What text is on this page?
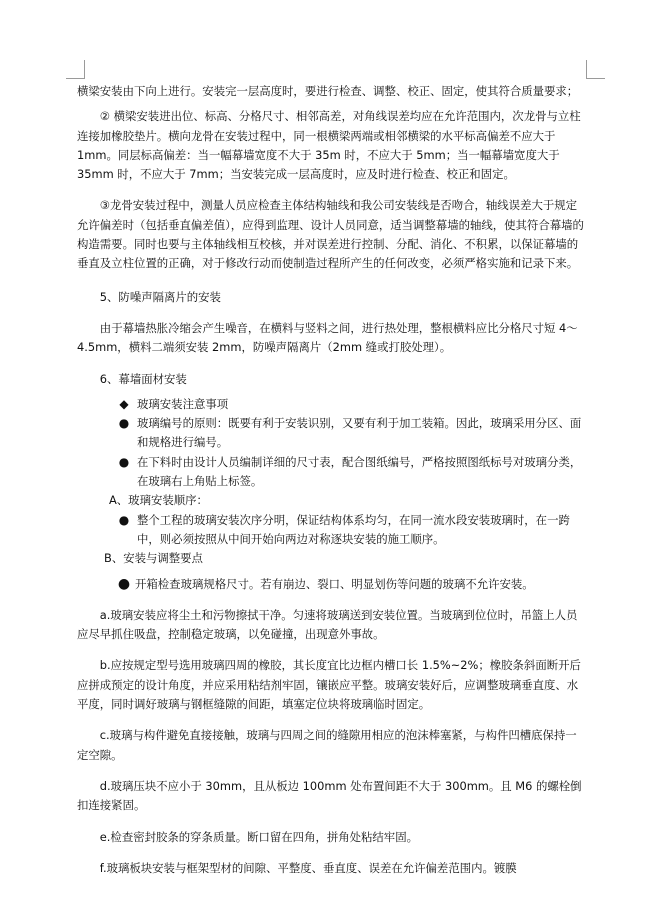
横梁安装由下向上进行。安装完一层高度时，要进行检查、调整、校正、固定，使其符合质量要求；

② 横梁安装进出位、标高、分格尺寸、相邻高差，对角线误差均应在允许范围内，次龙骨与立柱连接加橡胶垫片。横向龙骨在安装过程中，同一根横梁两端或相邻横梁的水平标高偏差不应大于 1mm。同层标高偏差：当一幅幕墙宽度不大于 35m 时，不应大于 5mm；当一幅幕墙宽度大于 35mm 时，不应大于 7mm；当安装完成一层高度时，应及时进行检查、校正和固定。

③龙骨安装过程中，测量人员应检查主体结构轴线和我公司安装线是否吻合，轴线误差大于规定允许偏差时（包括垂直偏差值），应得到监理、设计人员同意，适当调整幕墙的轴线，使其符合幕墙的构造需要。同时也要与主体轴线相互校核，并对误差进行控制、分配、消化、不积累，以保证幕墙的垂直及立柱位置的正确，对于修改行动而使制造过程所产生的任何改变，必须严格实施和记录下来。

5、防噪声隔离片的安装

由于幕墙热胀冷缩会产生噪音，在横料与竖料之间，进行热处理，整根横料应比分格尺寸短 4～4.5mm，横料二端须安装 2mm，防噪声隔离片（2mm 缝或打胶处理）。

6、幕墙面材安装

◆ 玻璃安装注意事项
● 玻璃编号的原则：既要有利于安装识别，又要有利于加工装箱。因此，玻璃采用分区、面和规格进行编号。
● 在下料时由设计人员编制详细的尺寸表，配合图纸编号，严格按照图纸标号对玻璃分类，在玻璃右上角贴上标签。

A、玻璃安装顺序：

● 整个工程的玻璃安装次序分明，保证结构体系均匀，在同一流水段安装玻璃时，在一跨中，则必须按照从中间开始向两边对称逐块安装的施工顺序。

B、安装与调整要点

● 开箱检查玻璃规格尺寸。若有崩边、裂口、明显划伤等问题的玻璃不允许安装。

a.玻璃安装应将尘土和污物擦拭干净。匀速将玻璃送到安装位置。当玻璃到位位时，吊篮上人员应尽早抓住吸盘，控制稳定玻璃，以免碰撞，出现意外事故。

b.应按规定型号选用玻璃四周的橡胶，其长度宜比边框内槽口长 1.5%~2%；橡胶条斜面断开后应拼成预定的设计角度，并应采用粘结剂牢固，镶嵌应平整。玻璃安装好后，应调整玻璃垂直度、水平度，同时调好玻璃与钢框缝隙的间距，填塞定位块将玻璃临时固定。

c.玻璃与构件避免直接接触，玻璃与四周之间的缝隙用相应的泡沫棒塞紧，与构件凹槽底保持一定空隙。

d.玻璃压块不应小于 30mm，且从板边 100mm 处布置间距不大于 300mm。且 M6 的螺栓倒扣连接紧固。

e.检查密封胶条的穿条质量。断口留在四角，拼角处粘结牢固。

f.玻璃板块安装与框架型材的间隙、平整度、垂直度、误差在允许偏差范围内。镀膜
